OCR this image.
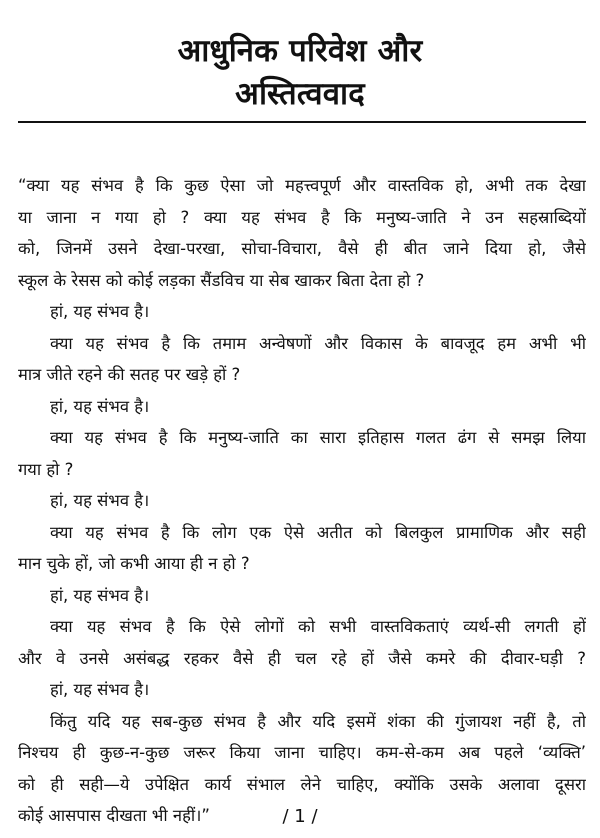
आधुनिक परिवेश और
अस्तित्ववाद
“क्या यह संभव है कि कुछ ऐसा जो महत्त्वपूर्ण और वास्तविक हो, अभी तक देखा
या जाना न गया हो ? क्या यह संभव है कि मनुष्य-जाति ने उन सहस्राब्दियों
को, जिनमें उसने देखा-परखा, सोचा-विचारा, वैसे ही बीत जाने दिया हो, जैसे
स्कूल के रेसस को कोई लड़का सैंडविच या सेब खाकर बिता देता हो ?
हां, यह संभव है।
क्या यह संभव है कि तमाम अन्वेषणों और विकास के बावजूद हम अभी भी
मात्र जीते रहने की सतह पर खड़े हों ?
हां, यह संभव है।
क्या यह संभव है कि मनुष्य-जाति का सारा इतिहास गलत ढंग से समझ लिया
गया हो ?
हां, यह संभव है।
क्या यह संभव है कि लोग एक ऐसे अतीत को बिलकुल प्रामाणिक और सही
मान चुके हों, जो कभी आया ही न हो ?
हां, यह संभव है।
क्या यह संभव है कि ऐसे लोगों को सभी वास्तविकताएं व्यर्थ-सी लगती हों
और वे उनसे असंबद्ध रहकर वैसे ही चल रहे हों जैसे कमरे की दीवार-घड़ी ?
हां, यह संभव है।
किंतु यदि यह सब-कुछ संभव है और यदि इसमें शंका की गुंजायश नहीं है, तो
निश्चय ही कुछ-न-कुछ जरूर किया जाना चाहिए। कम-से-कम अब पहले ‘व्यक्ति’
को ही सही—ये उपेक्षित कार्य संभाल लेने चाहिए, क्योंकि उसके अलावा दूसरा
कोई आसपास दीखता भी नहीं।”	/ 1 /
